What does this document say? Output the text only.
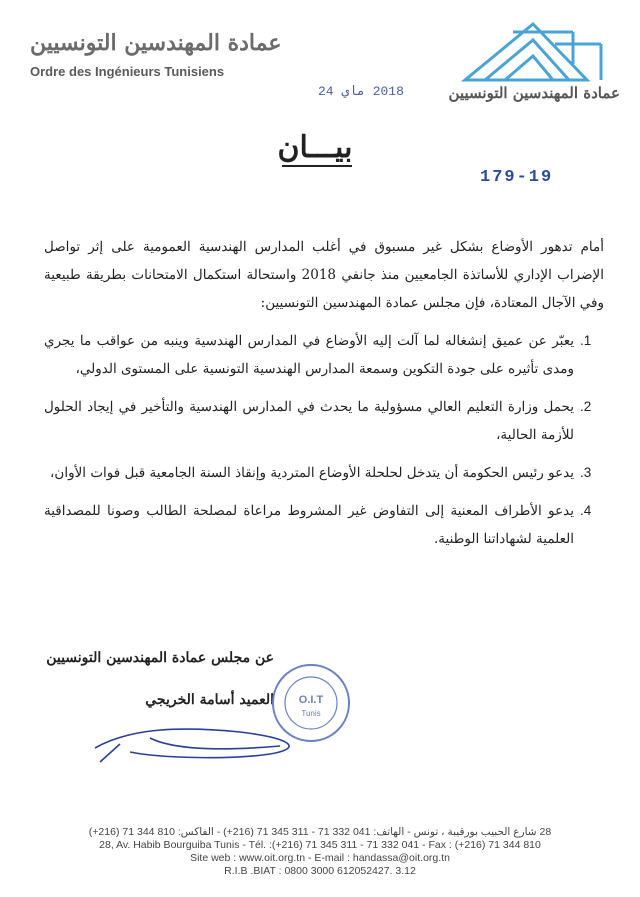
عمادة المهندسين التونسيين
Ordre des Ingénieurs Tunisiens
عمادة المهندسين التونسيين
2018 ماي 24
بيـــان
179-19

أمام تدهور الأوضاع بشكل غير مسبوق في أغلب المدارس الهندسية العمومية على إثر تواصل الإضراب الإداري للأساتذة الجامعيين منذ جانفي 2018 واستحالة استكمال الامتحانات بطريقة طبيعية وفي الآجال المعتادة، فإن مجلس عمادة المهندسين التونسيين:

1.
يعبّر عن عميق إنشغاله لما آلت إليه الأوضاع في المدارس الهندسية وينبه من عواقب ما يجري ومدى تأثيره على جودة التكوين وسمعة المدارس الهندسية التونسية على المستوى الدولي،
2.
يحمل وزارة التعليم العالي مسؤولية ما يحدث في المدارس الهندسية والتأخير في إيجاد الحلول للأزمة الحالية،
3.
يدعو رئيس الحكومة أن يتدخل لحلحلة الأوضاع المتردية وإنقاذ السنة الجامعية قبل فوات الأوان،
4.
يدعو الأطراف المعنية إلى التفاوض غير المشروط مراعاة لمصلحة الطالب وصونا للمصداقية العلمية لشهاداتنا الوطنية.
عن مجلس عمادة المهندسين التونسيين
العميد أسامة الخريجي O.I.T
Tunis
28 شارع الحبيب بورقيبة ، تونس - الهاتف: 041 332 71 - 311 345 71 (216+) - الفاكس: 810 344 71 (216+)
28, Av. Habib Bourguiba Tunis - Tél. :(+216) 71 345 311 - 71 332 041 - Fax : (+216) 71 344 810
Site web : www.oit.org.tn - E-mail : handassa@oit.org.tn
R.I.B .BIAT : 0800 3000 612052427. 3.12
